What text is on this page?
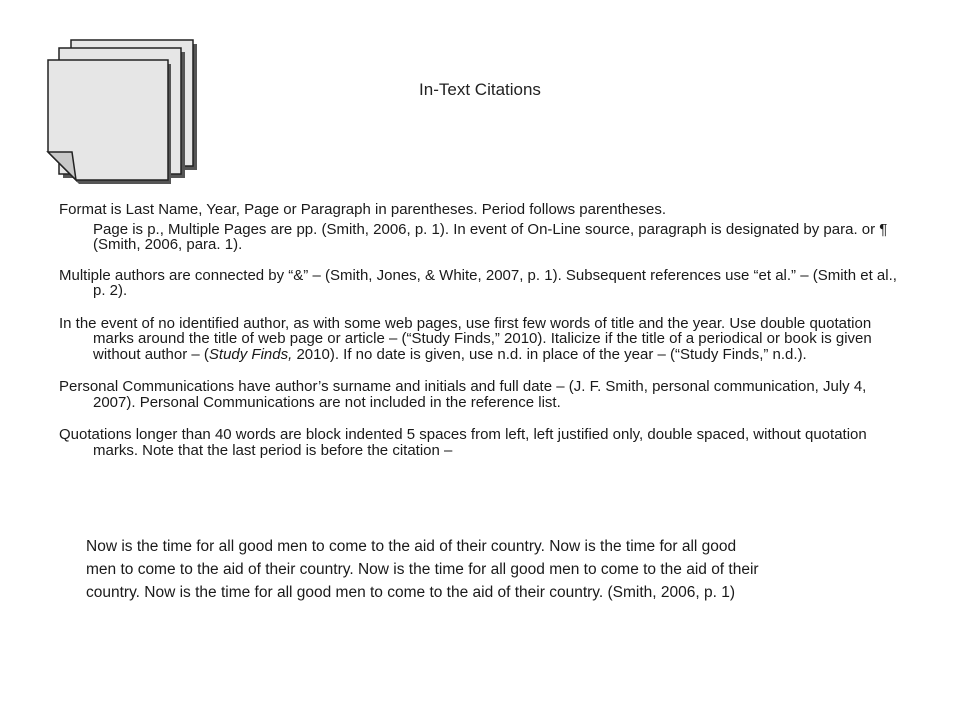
In-Text Citations

Format is Last Name, Year, Page or Paragraph in parentheses. Period follows parentheses.

Page is p., Multiple Pages are pp. (Smith, 2006, p. 1). In event of On-Line source, paragraph is designated by para. or ¶ (Smith, 2006, para. 1).

Multiple authors are connected by “&” – (Smith, Jones, & White, 2007, p. 1). Subsequent references use “et al.” – (Smith et al., p. 2).

In the event of no identified author, as with some web pages, use first few words of title and the year. Use double quotation marks around the title of web page or article – (“Study Finds,” 2010). Italicize if the title of a periodical or book is given without author – (Study Finds, 2010). If no date is given, use n.d. in place of the year – (“Study Finds,” n.d.).

Personal Communications have author’s surname and initials and full date – (J. F. Smith, personal communication, July 4, 2007). Personal Communications are not included in the reference list.

Quotations longer than 40 words are block indented 5 spaces from left, left justified only, double spaced, without quotation marks. Note that the last period is before the citation –

Now is the time for all good men to come to the aid of their country. Now is the time for all good

men to come to the aid of their country. Now is the time for all good men to come to the aid of their

country. Now is the time for all good men to come to the aid of their country. (Smith, 2006, p. 1)
